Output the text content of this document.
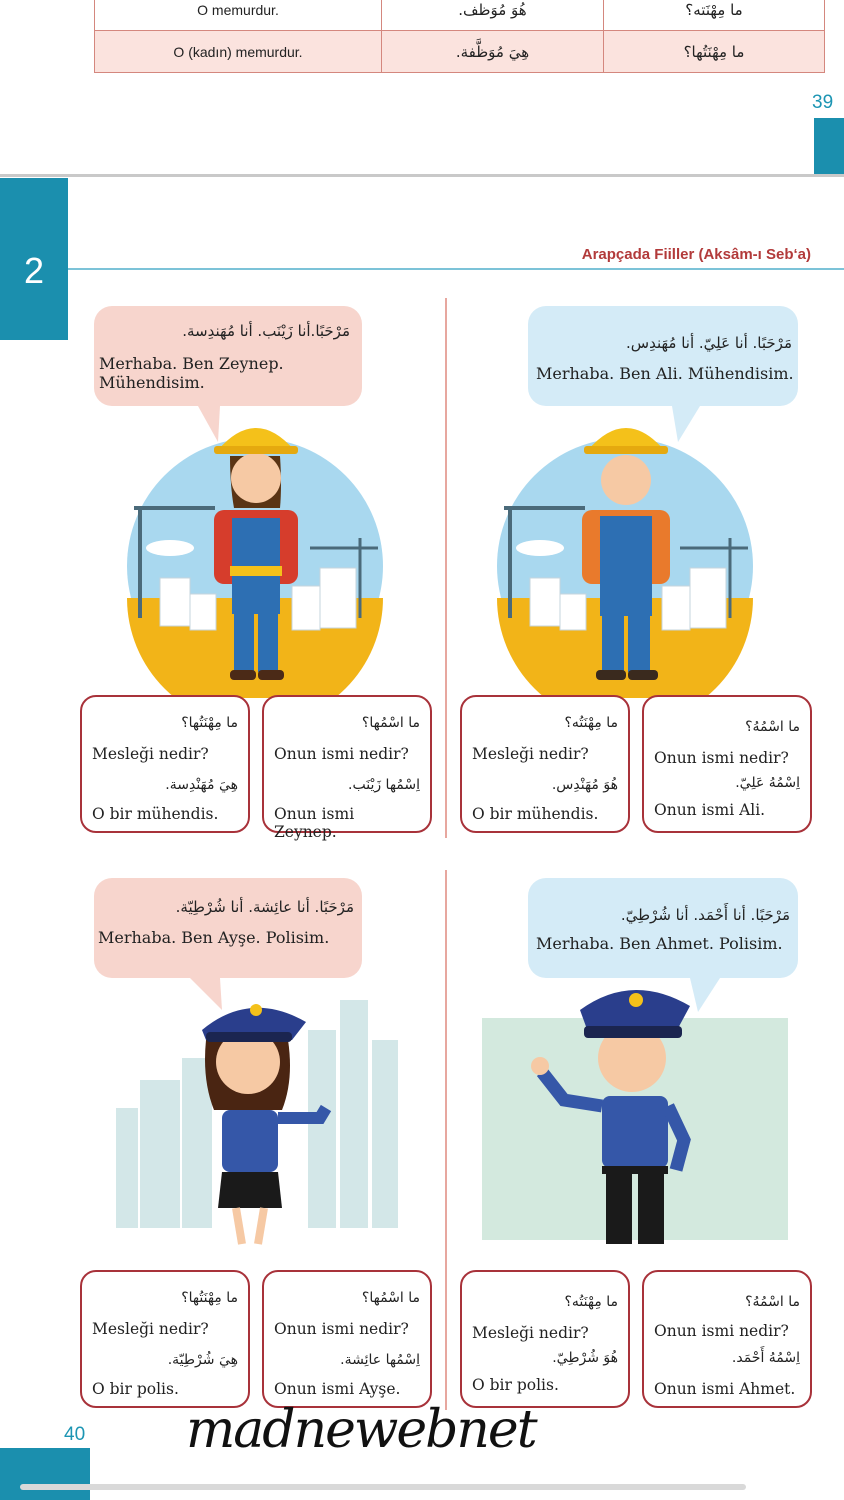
O memurdur.	هُوَ مُوَظف.	ما مِهْنَته؟
O (kadın) memurdur.	هِيَ مُوَظَّفة.	ما مِهْنَتُها؟
39
2	Arapçada Fiiller (Aksâm-ı Seb‘a)
مَرْحَبًا.أنا زَيْنَب. أنا مُهَندِسة.
Merhaba. Ben Zeynep. Mühendisim.
ما مِهْنَتُها؟
Mesleği nedir?
هِيَ مُهَنْدِسة.
O bir mühendis.
ما اسْمُها؟
Onun ismi nedir?
اِسْمُها زَيْنَب.
Onun ismi Zeynep.
مَرْحَبًا. أنا عَلِيّ. أنا مُهَندِس.
Merhaba. Ben Ali. Mühendisim.
ما مِهْنَتُه؟
Mesleği nedir?
هُوَ مُهَنْدِس.
O bir mühendis.
ما اسْمُهُ؟
Onun ismi nedir?
اِسْمُهُ عَلِيّ.
Onun ismi Ali.
مَرْحَبًا. أنا عائِشة. أنا شُرْطِيّة.
Merhaba. Ben Ayşe. Polisim.
ما مِهْنَتُها؟
Mesleği nedir?
هِيَ شُرْطِيّة.
O bir polis.
ما اسْمُها؟
Onun ismi nedir?
اِسْمُها عائِشة.
Onun ismi Ayşe.
مَرْحَبًا. أنا أَحْمَد. أنا شُرْطِيّ.
Merhaba. Ben Ahmet. Polisim.
ما مِهْنَتُه؟
Mesleği nedir?
هُوَ شُرْطِيّ.
O bir polis.
ما اسْمُهُ؟
Onun ismi nedir?
اِسْمُهُ أَحْمَد.
Onun ismi Ahmet.
40 madnewebnet
